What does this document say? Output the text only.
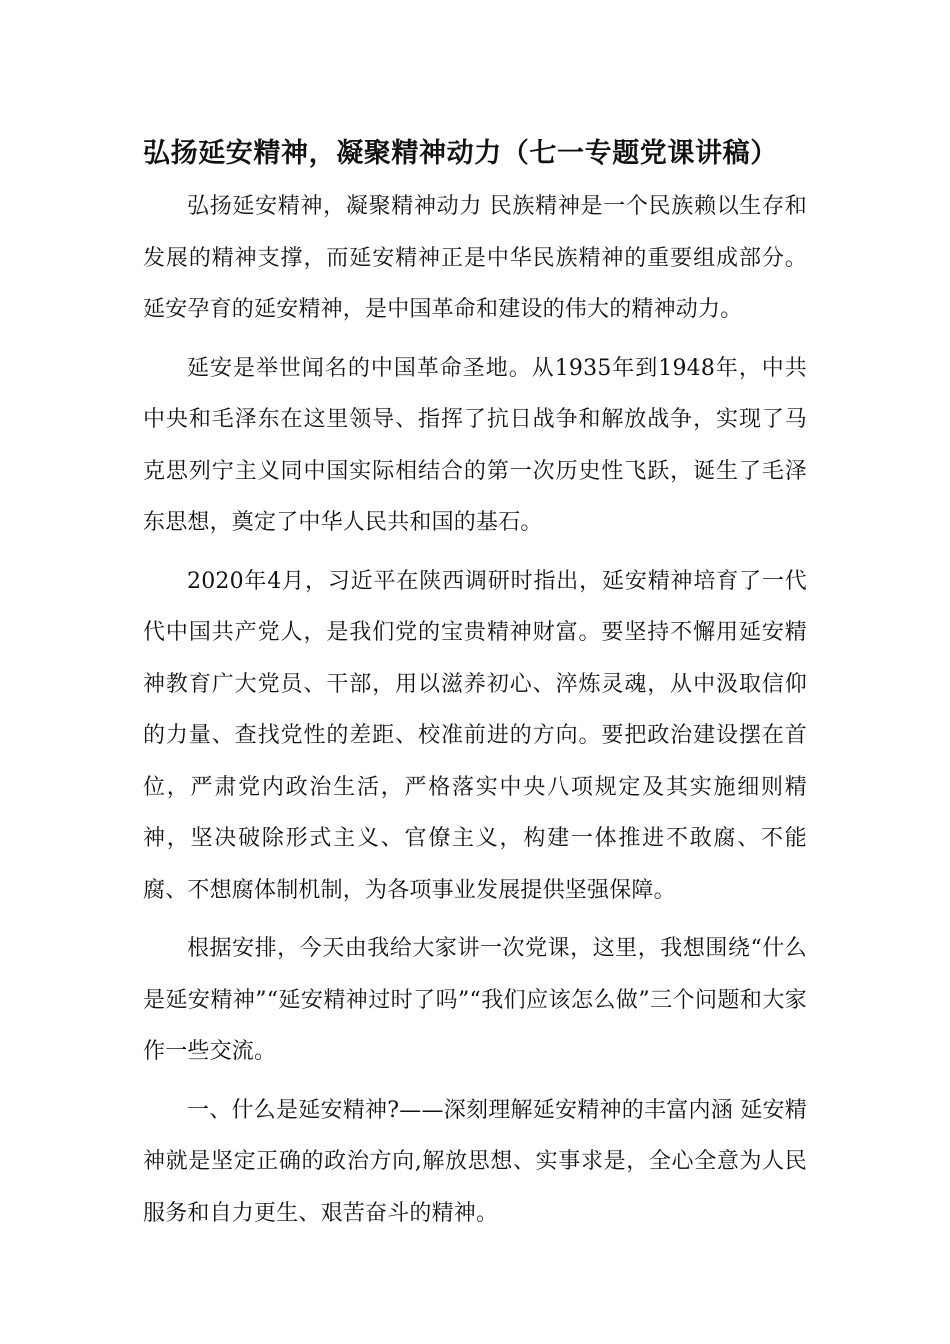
弘扬延安精神，凝聚精神动力（七一专题党课讲稿）

弘扬延安精神，凝聚精神动力 民族精神是一个民族赖以生存和发展的精神支撑，而延安精神正是中华民族精神的重要组成部分。延安孕育的延安精神，是中国革命和建设的伟大的精神动力。

延安是举世闻名的中国革命圣地。从1935年到1948年，中共中央和毛泽东在这里领导、指挥了抗日战争和解放战争，实现了马克思列宁主义同中国实际相结合的第一次历史性飞跃，诞生了毛泽东思想，奠定了中华人民共和国的基石。

2020年4月，习近平在陕西调研时指出，延安精神培育了一代代中国共产党人，是我们党的宝贵精神财富。要坚持不懈用延安精神教育广大党员、干部，用以滋养初心、淬炼灵魂，从中汲取信仰的力量、查找党性的差距、校准前进的方向。要把政治建设摆在首位，严肃党内政治生活，严格落实中央八项规定及其实施细则精神，坚决破除形式主义、官僚主义，构建一体推进不敢腐、不能腐、不想腐体制机制，为各项事业发展提供坚强保障。

根据安排，今天由我给大家讲一次党课，这里，我想围绕“什么是延安精神”“延安精神过时了吗”“我们应该怎么做”三个问题和大家作一些交流。

一、什么是延安精神?——深刻理解延安精神的丰富内涵 延安精神就是坚定正确的政治方向,解放思想、实事求是，全心全意为人民服务和自力更生、艰苦奋斗的精神。
